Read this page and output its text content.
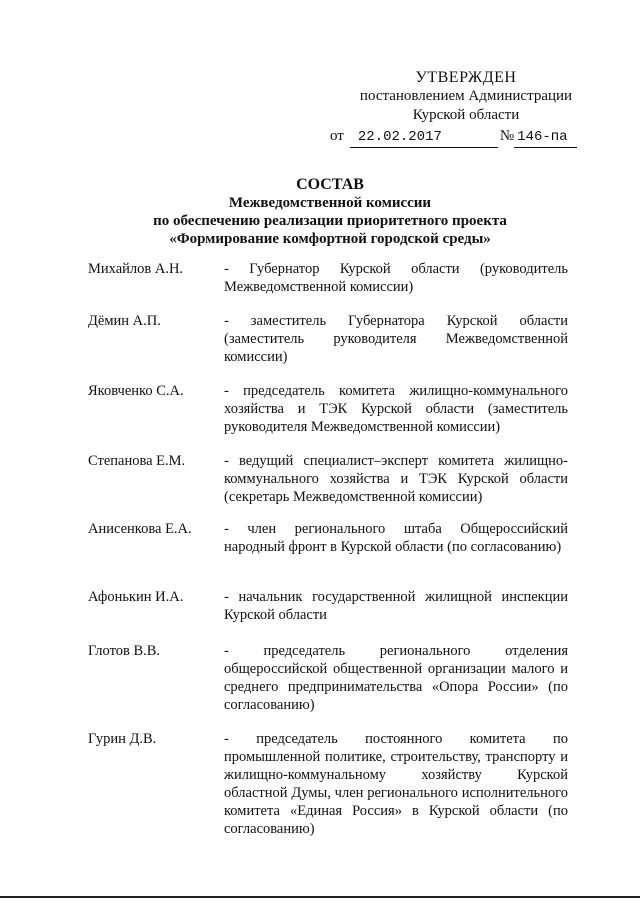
УТВЕРЖДЕН
постановлением Администрации
Курской области
от	22.02.2017	№ 146-па
СОСТАВ
Межведомственной комиссии
по обеспечению реализации приоритетного проекта
«Формирование комфортной городской среды»
Михайлов А.Н.	- Губернатор Курской области (руководитель Межведомственной комиссии)
Дёмин А.П.	- заместитель Губернатора Курской области (заместитель руководителя Межведомственной комиссии)
Яковченко С.А.	- председатель комитета жилищно-коммунального хозяйства и ТЭК Курской области (заместитель руководителя Межведомственной комиссии)
Степанова Е.М.	- ведущий специалист–эксперт комитета жилищно-коммунального хозяйства и ТЭК Курской области (секретарь Межведомственной комиссии)
Анисенкова Е.А.	- член регионального штаба Общероссийский народный фронт в Курской области (по согласованию)
Афонькин И.А.	- начальник государственной жилищной инспекции Курской области
Глотов В.В.	- председатель регионального отделения общероссийской общественной организации малого и среднего предпринимательства «Опора России» (по согласованию)
Гурин Д.В.	- председатель постоянного комитета по промышленной политике, строительству, транспорту и жилищно-коммунальному хозяйству Курской областной Думы, член регионального исполнительного комитета «Единая Россия» в Курской области (по согласованию)
